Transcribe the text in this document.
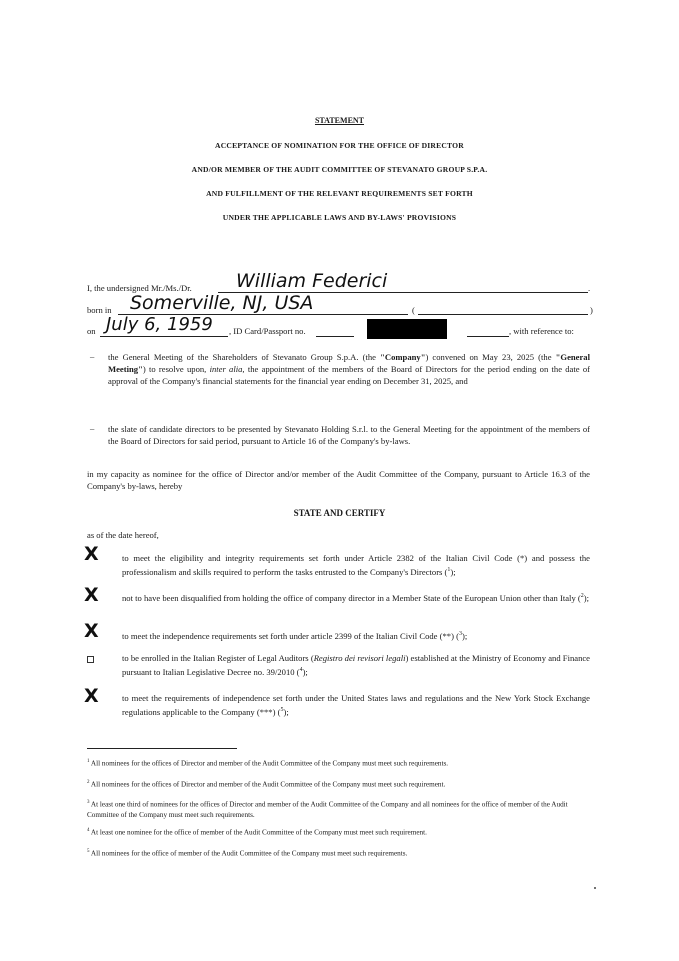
STATEMENT
ACCEPTANCE OF NOMINATION FOR THE OFFICE OF DIRECTOR
AND/OR MEMBER OF THE AUDIT COMMITTEE OF STEVANATO GROUP S.P.A.
AND FULFILLMENT OF THE RELEVANT REQUIREMENTS SET FORTH
UNDER THE APPLICABLE LAWS AND BY-LAWS' PROVISIONS
I, the undersigned Mr./Ms./Dr. William Federici	.
born in Somerville, NJ, USA	(	)
on July 6, 1959 , ID Card/Passport no.	, with reference to:
– the General Meeting of the Shareholders of Stevanato Group S.p.A. (the "Company") convened on May 23, 2025 (the "General Meeting") to resolve upon, inter alia, the appointment of the members of the Board of Directors for the period ending on the date of approval of the Company's financial statements for the financial year ending on December 31, 2025, and
– the slate of candidate directors to be presented by Stevanato Holding S.r.l. to the General Meeting for the appointment of the members of the Board of Directors for said period, pursuant to Article 16 of the Company's by-laws.
in my capacity as nominee for the office of Director and/or member of the Audit Committee of the Company, pursuant to Article 16.3 of the Company's by-laws, hereby
STATE AND CERTIFY
as of the date hereof,
X	to meet the eligibility and integrity requirements set forth under Article 2382 of the Italian Civil Code (*) and possess the professionalism and skills required to perform the tasks entrusted to the Company's Directors ($^1$);
X	not to have been disqualified from holding the office of company director in a Member State of the European Union other than Italy ($^2$);
X	to meet the independence requirements set forth under article 2399 of the Italian Civil Code (**) ($^3$);
to be enrolled in the Italian Register of Legal Auditors (Registro dei revisori legali) established at the Ministry of Economy and Finance pursuant to Italian Legislative Decree no. 39/2010 ($^4$);
X	to meet the requirements of independence set forth under the United States laws and regulations and the New York Stock Exchange regulations applicable to the Company (***) ($^5$);
$^1$ All nominees for the offices of Director and member of the Audit Committee of the Company must meet such requirements.
$^2$ All nominees for the offices of Director and member of the Audit Committee of the Company must meet such requirement.
$^3$ At least one third of nominees for the offices of Director and member of the Audit Committee of the Company and all nominees for the office of member of the Audit Committee of the Company must meet such requirements.
$^4$ At least one nominee for the office of member of the Audit Committee of the Company must meet such requirement.
$^5$ All nominees for the office of member of the Audit Committee of the Company must meet such requirements.
